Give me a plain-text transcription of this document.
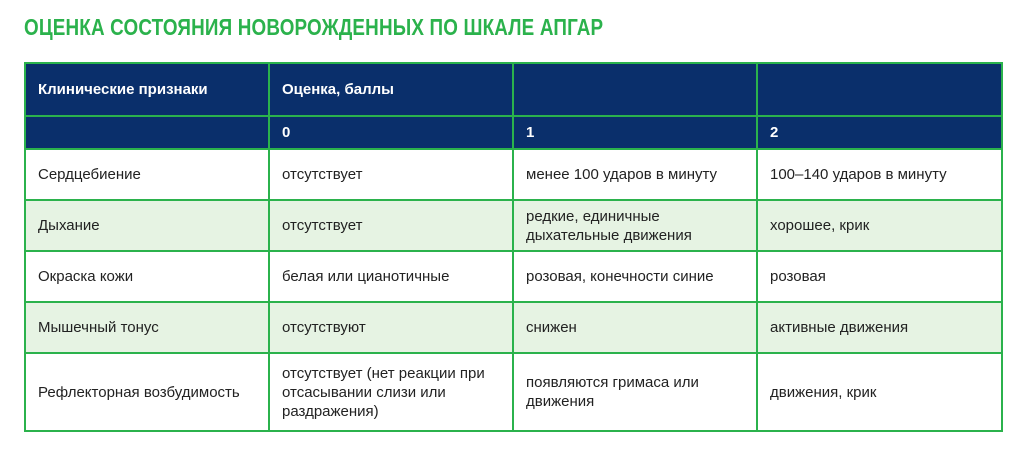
ОЦЕНКА СОСТОЯНИЯ НОВОРОЖДЕННЫХ ПО ШКАЛЕ АПГАР
Клинические признаки	Оценка, баллы		
	0	1	2
Сердцебиение	отсутствует	менее 100 ударов в минуту	100–140 ударов в минуту
Дыхание	отсутствует	редкие, единичные дыхательные движения	хорошее, крик
Окраска кожи	белая или цианотичные	розовая, конечности синие	розовая
Мышечный тонус	отсутствуют	снижен	активные движения
Рефлекторная возбудимость	отсутствует (нет реакции при отсасывании слизи или раздражения)	появляются гримаса или движения	движения, крик
